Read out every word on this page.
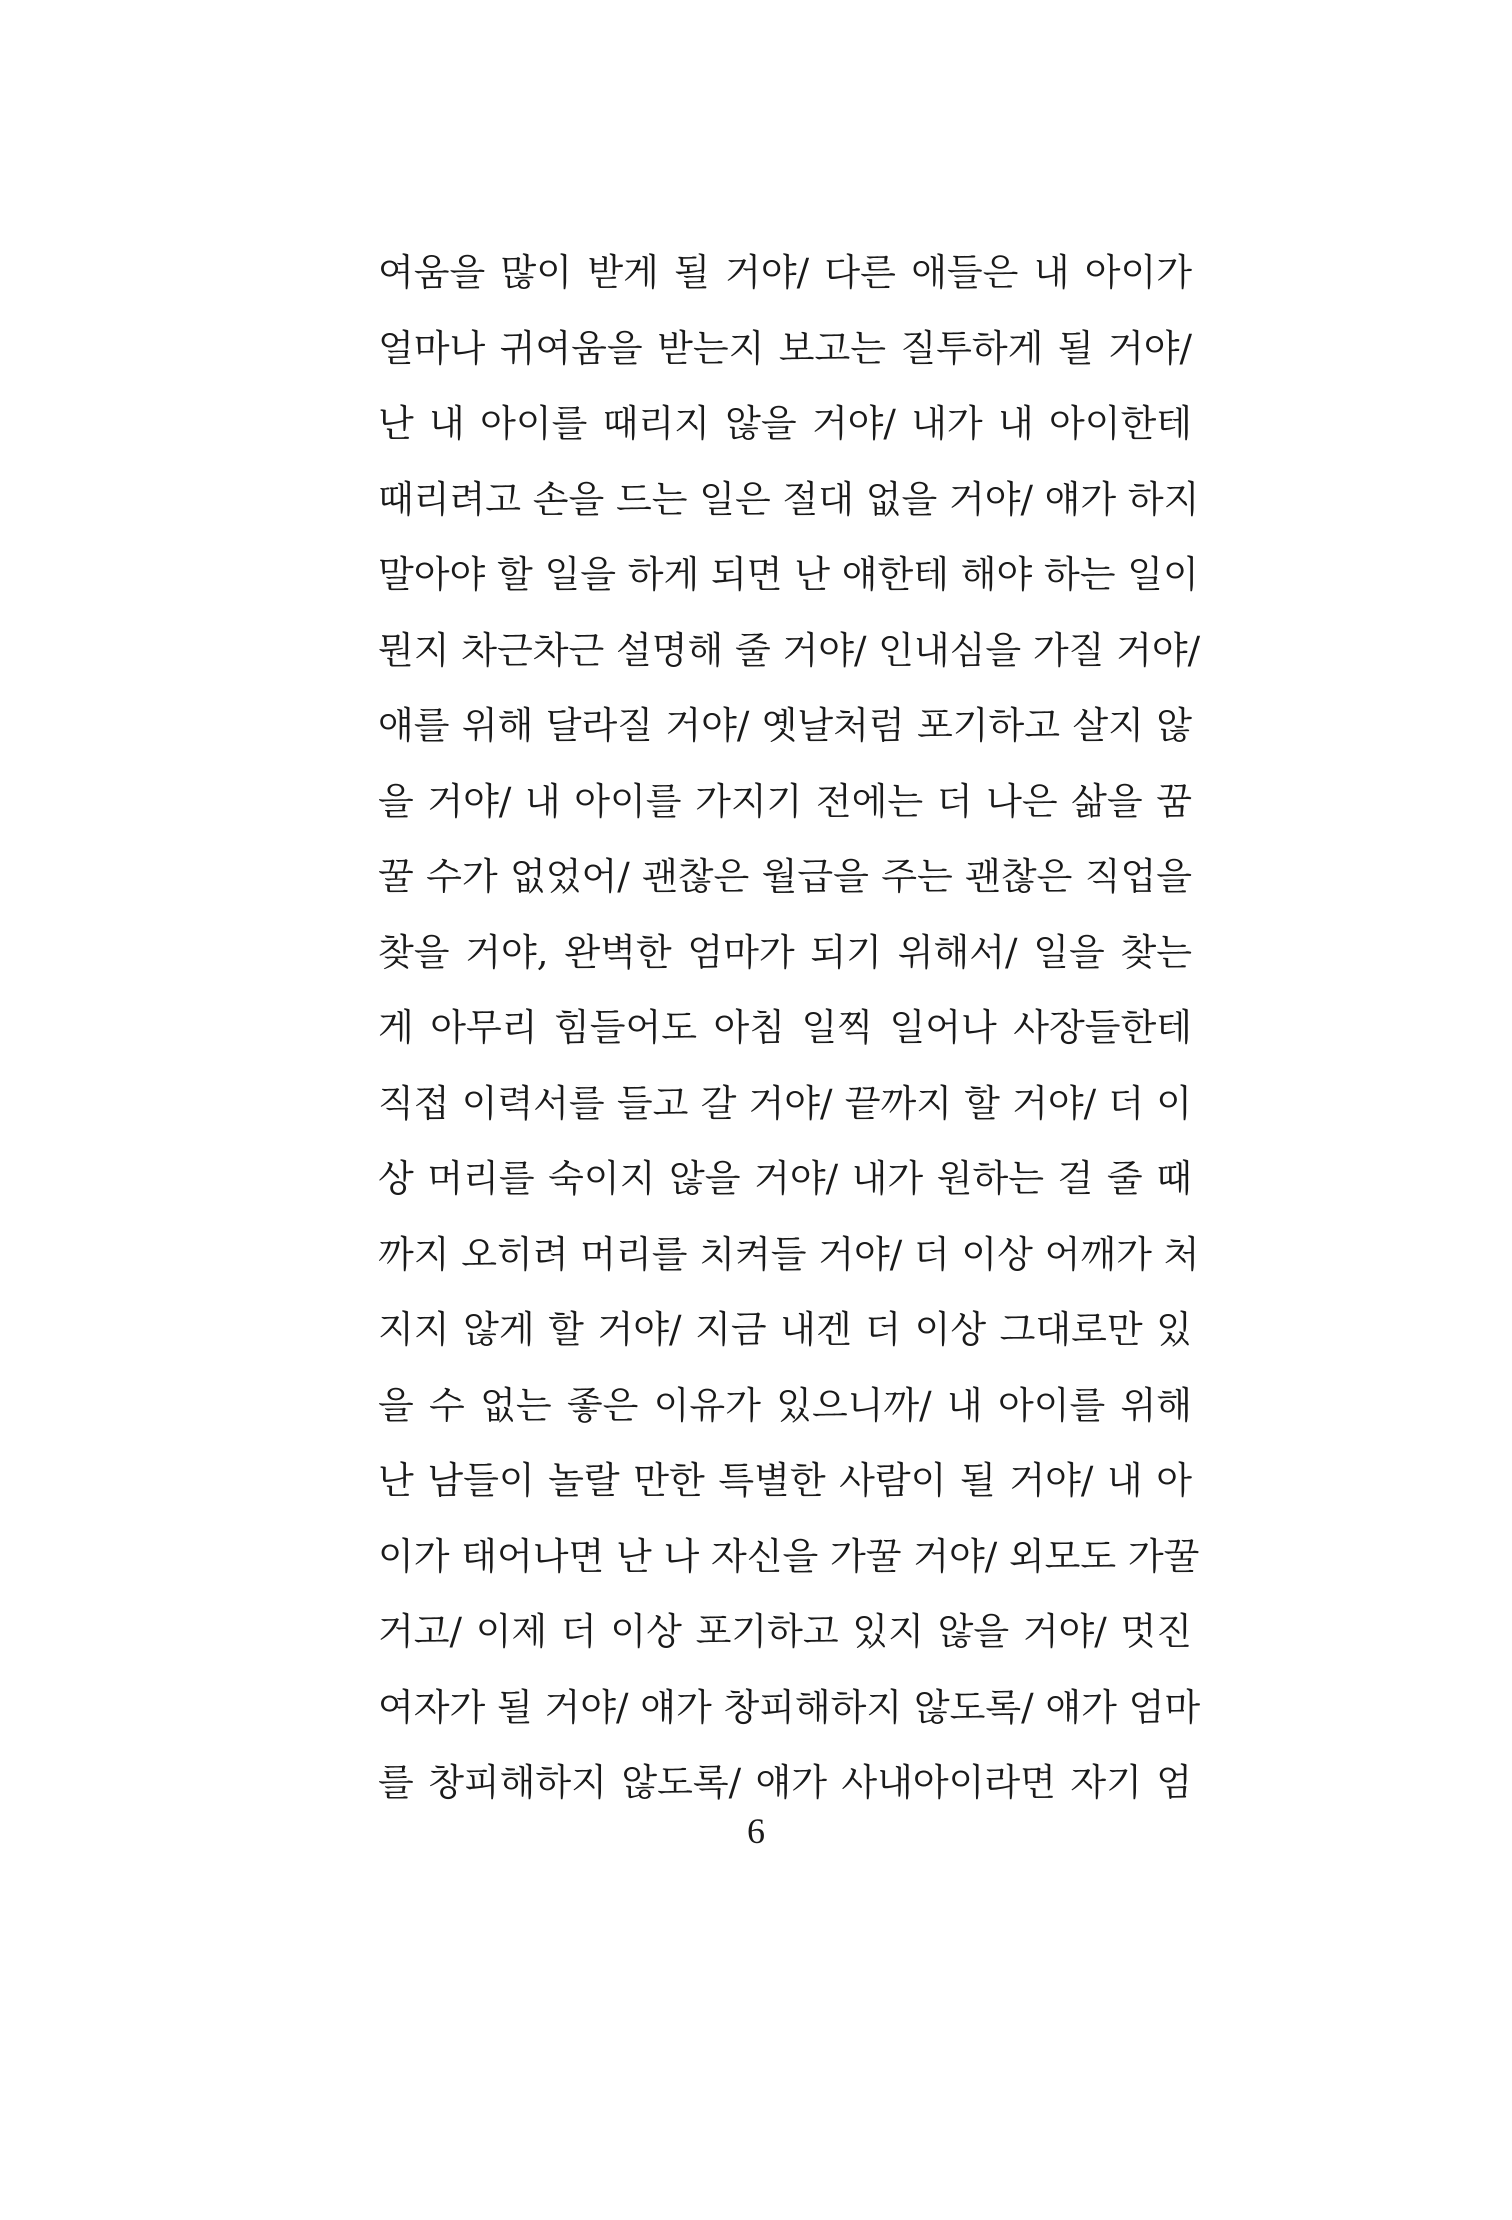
여움을 많이 받게 될 거야/ 다른 애들은 내 아이가
얼마나 귀여움을 받는지 보고는 질투하게 될 거야/
난 내 아이를 때리지 않을 거야/ 내가 내 아이한테
때리려고 손을 드는 일은 절대 없을 거야/ 얘가 하지
말아야 할 일을 하게 되면 난 얘한테 해야 하는 일이
뭔지 차근차근 설명해 줄 거야/ 인내심을 가질 거야/
얘를 위해 달라질 거야/ 옛날처럼 포기하고 살지 않
을 거야/ 내 아이를 가지기 전에는 더 나은 삶을 꿈
꿀 수가 없었어/ 괜찮은 월급을 주는 괜찮은 직업을
찾을 거야, 완벽한 엄마가 되기 위해서/ 일을 찾는
게 아무리 힘들어도 아침 일찍 일어나 사장들한테
직접 이력서를 들고 갈 거야/ 끝까지 할 거야/ 더 이
상 머리를 숙이지 않을 거야/ 내가 원하는 걸 줄 때
까지 오히려 머리를 치켜들 거야/ 더 이상 어깨가 처
지지 않게 할 거야/ 지금 내겐 더 이상 그대로만 있
을 수 없는 좋은 이유가 있으니까/ 내 아이를 위해
난 남들이 놀랄 만한 특별한 사람이 될 거야/ 내 아
이가 태어나면 난 나 자신을 가꿀 거야/ 외모도 가꿀
거고/ 이제 더 이상 포기하고 있지 않을 거야/ 멋진
여자가 될 거야/ 얘가 창피해하지 않도록/ 얘가 엄마
를 창피해하지 않도록/ 얘가 사내아이라면 자기 엄
6
